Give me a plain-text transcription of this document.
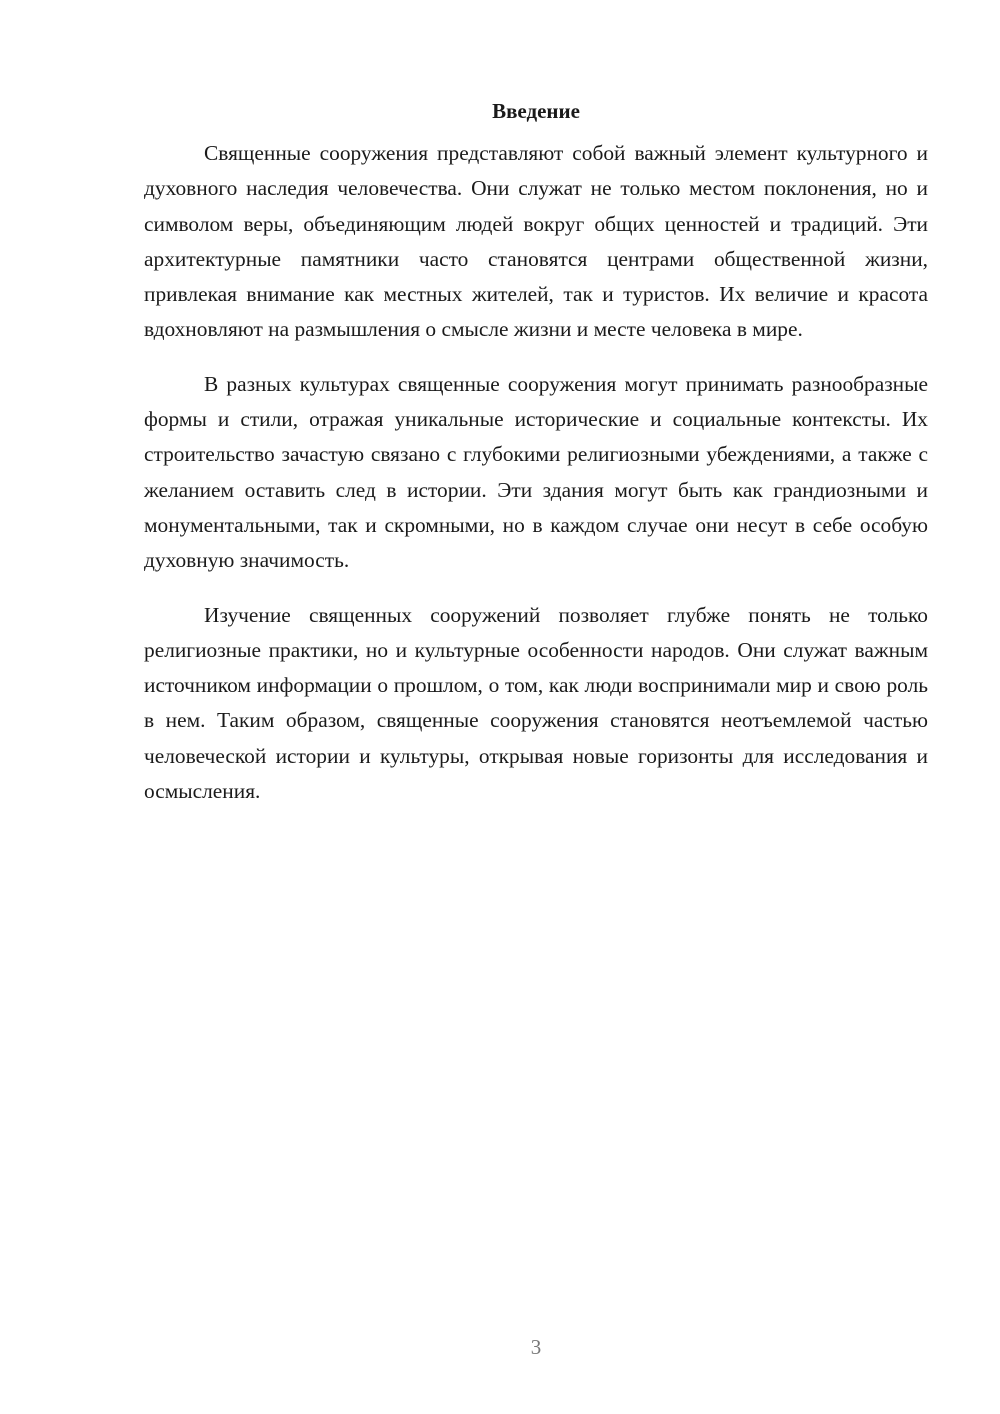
Введение

Священные сооружения представляют собой важный элемент культурного и духовного наследия человечества. Они служат не только местом поклонения, но и символом веры, объединяющим людей вокруг общих ценностей и традиций. Эти архитектурные памятники часто становятся центрами общественной жизни, привлекая внимание как местных жителей, так и туристов. Их величие и красота вдохновляют на размышления о смысле жизни и месте человека в мире.

В разных культурах священные сооружения могут принимать разнообразные формы и стили, отражая уникальные исторические и социальные контексты. Их строительство зачастую связано с глубокими религиозными убеждениями, а также с желанием оставить след в истории. Эти здания могут быть как грандиозными и монументальными, так и скромными, но в каждом случае они несут в себе особую духовную значимость.

Изучение священных сооружений позволяет глубже понять не только религиозные практики, но и культурные особенности народов. Они служат важным источником информации о прошлом, о том, как люди воспринимали мир и свою роль в нем. Таким образом, священные сооружения становятся неотъемлемой частью человеческой истории и культуры, открывая новые горизонты для исследования и осмысления.

3
